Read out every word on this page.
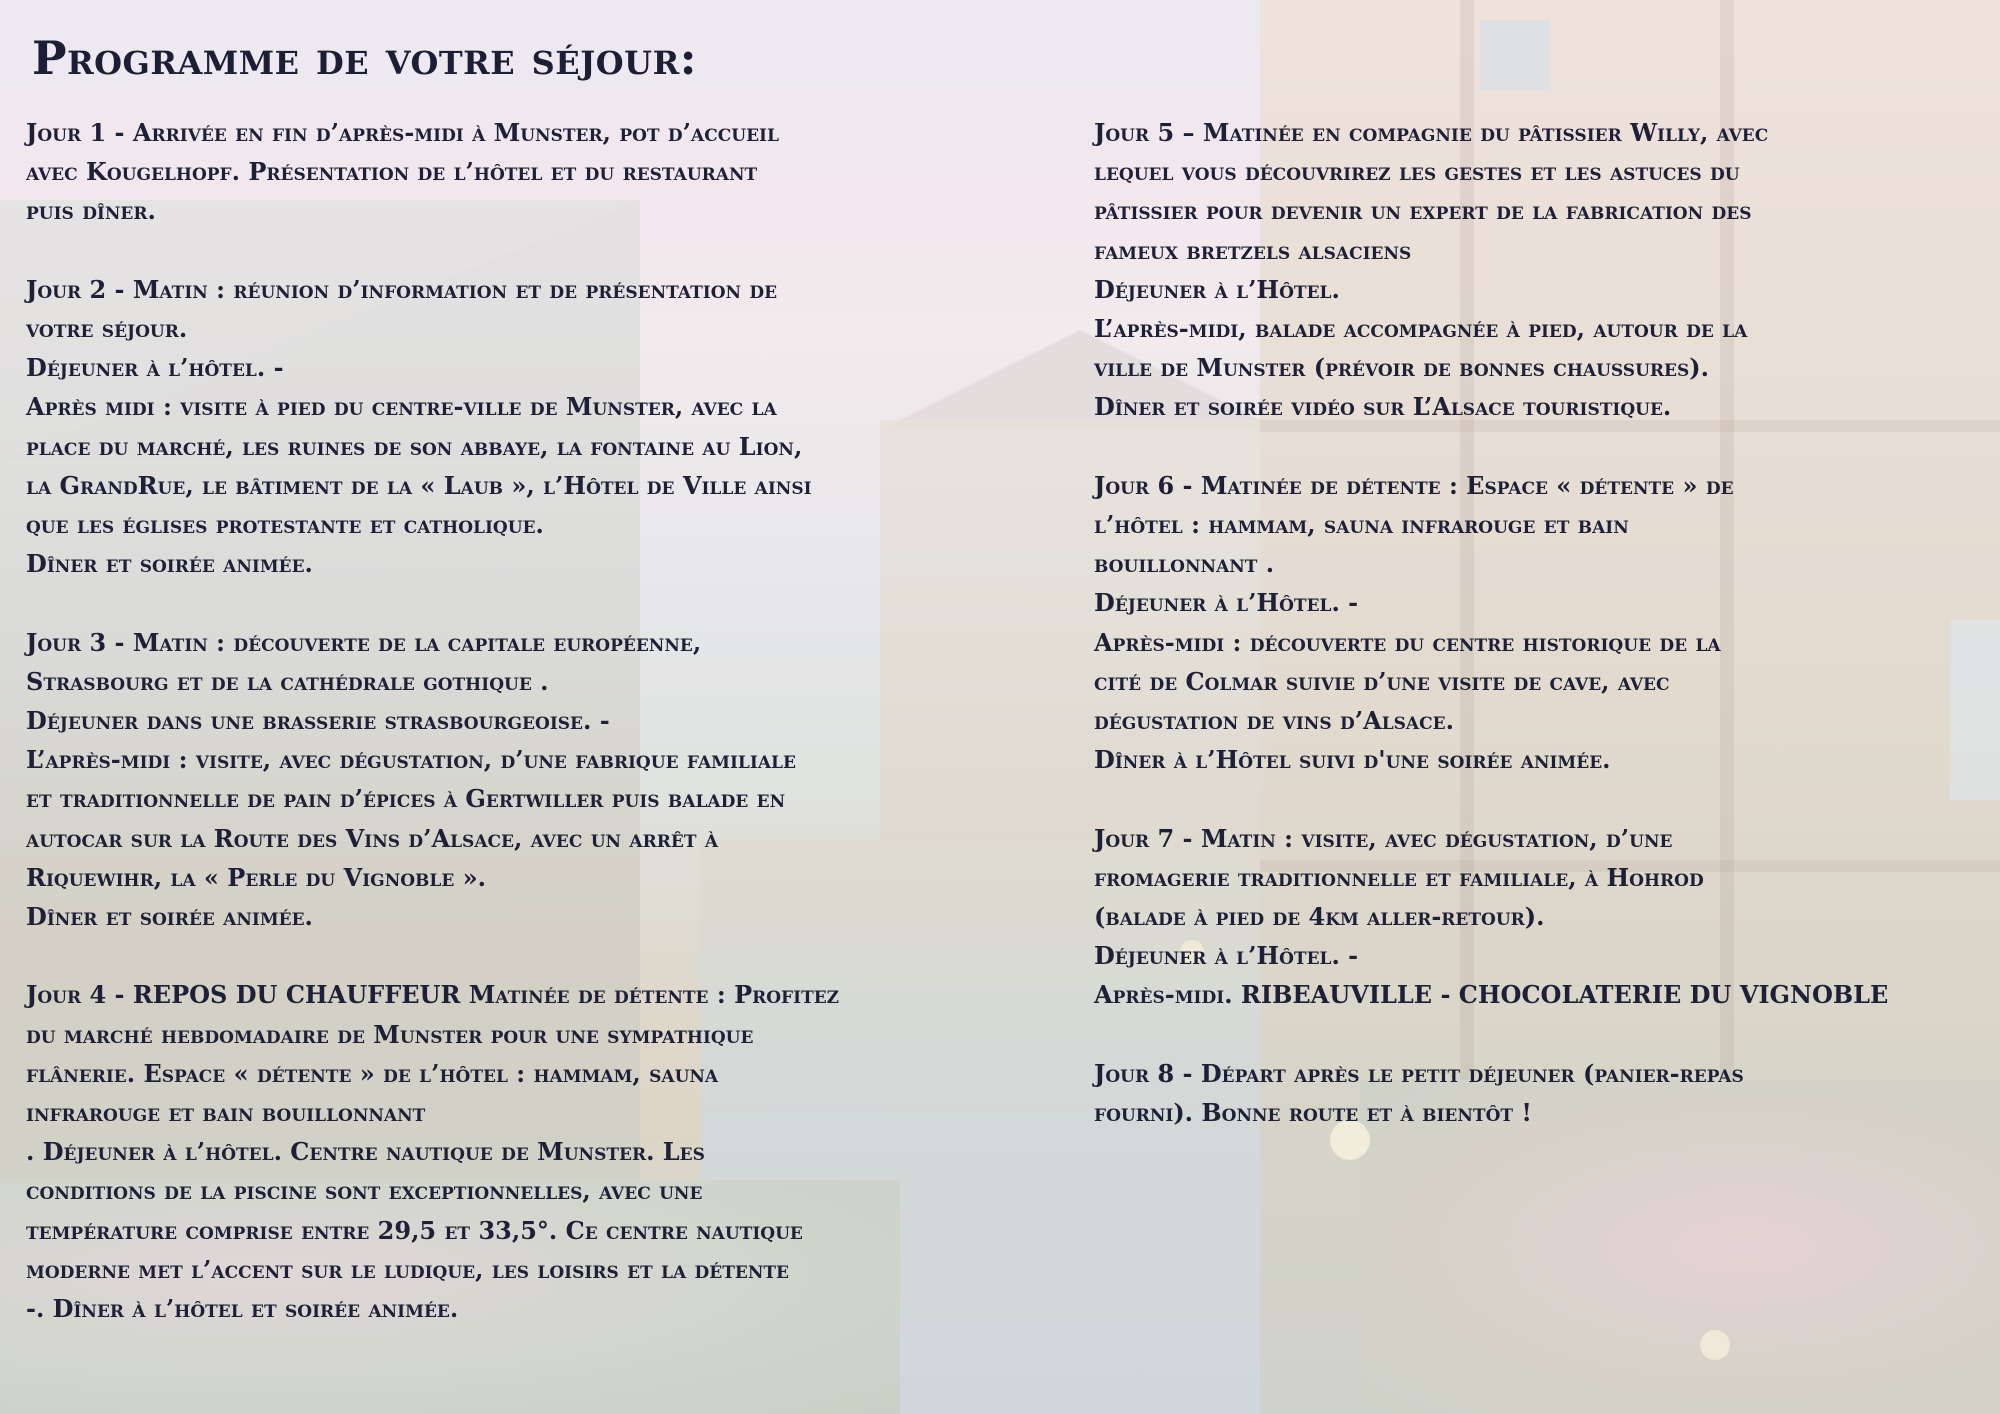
Programme de votre séjour:
Jour 1 - Arrivée en fin d’après-midi à Munster, pot d’accueil
avec Kougelhopf. Présentation de l’hôtel et du restaurant
puis dîner.
Jour 2 - Matin : réunion d’information et de présentation de
votre séjour.
Déjeuner à l’hôtel. -
Après midi : visite à pied du centre-ville de Munster, avec la
place du marché, les ruines de son abbaye, la fontaine au Lion,
la GrandRue, le bâtiment de la « Laub », l’Hôtel de Ville ainsi
que les églises protestante et catholique.
Dîner et soirée animée.
Jour 3 - Matin : découverte de la capitale européenne,
Strasbourg et de la cathédrale gothique .
Déjeuner dans une brasserie strasbourgeoise. -
L’après-midi : visite, avec dégustation, d’une fabrique familiale
et traditionnelle de pain d’épices à Gertwiller puis balade en
autocar sur la Route des Vins d’Alsace, avec un arrêt à
Riquewihr, la « Perle du Vignoble ».
Dîner et soirée animée.
Jour 4 - REPOS DU CHAUFFEUR Matinée de détente : Profitez
du marché hebdomadaire de Munster pour une sympathique
flânerie. Espace « détente » de l’hôtel : hammam, sauna
infrarouge et bain bouillonnant
. Déjeuner à l’hôtel. Centre nautique de Munster. Les
conditions de la piscine sont exceptionnelles, avec une
température comprise entre 29,5 et 33,5°. Ce centre nautique
moderne met l’accent sur le ludique, les loisirs et la détente
-. Dîner à l’hôtel et soirée animée.
Jour 5 – Matinée en compagnie du pâtissier Willy, avec
lequel vous découvrirez les gestes et les astuces du
pâtissier pour devenir un expert de la fabrication des
fameux bretzels alsaciens
Déjeuner à l’Hôtel.
L’après-midi, balade accompagnée à pied, autour de la
ville de Munster (prévoir de bonnes chaussures).
Dîner et soirée vidéo sur L’Alsace touristique.
Jour 6 - Matinée de détente : Espace « détente » de
l’hôtel : hammam, sauna infrarouge et bain
bouillonnant .
Déjeuner à l’Hôtel. -
Après-midi : découverte du centre historique de la
cité de Colmar suivie d’une visite de cave, avec
dégustation de vins d’Alsace.
Dîner à l’Hôtel suivi d'une soirée animée.
Jour 7 - Matin : visite, avec dégustation, d’une
fromagerie traditionnelle et familiale, à Hohrod
(balade à pied de 4km aller-retour).
Déjeuner à l’Hôtel. -
Après-midi. RIBEAUVILLE - CHOCOLATERIE DU VIGNOBLE
Jour 8 - Départ après le petit déjeuner (panier-repas
fourni). Bonne route et à bientôt !
